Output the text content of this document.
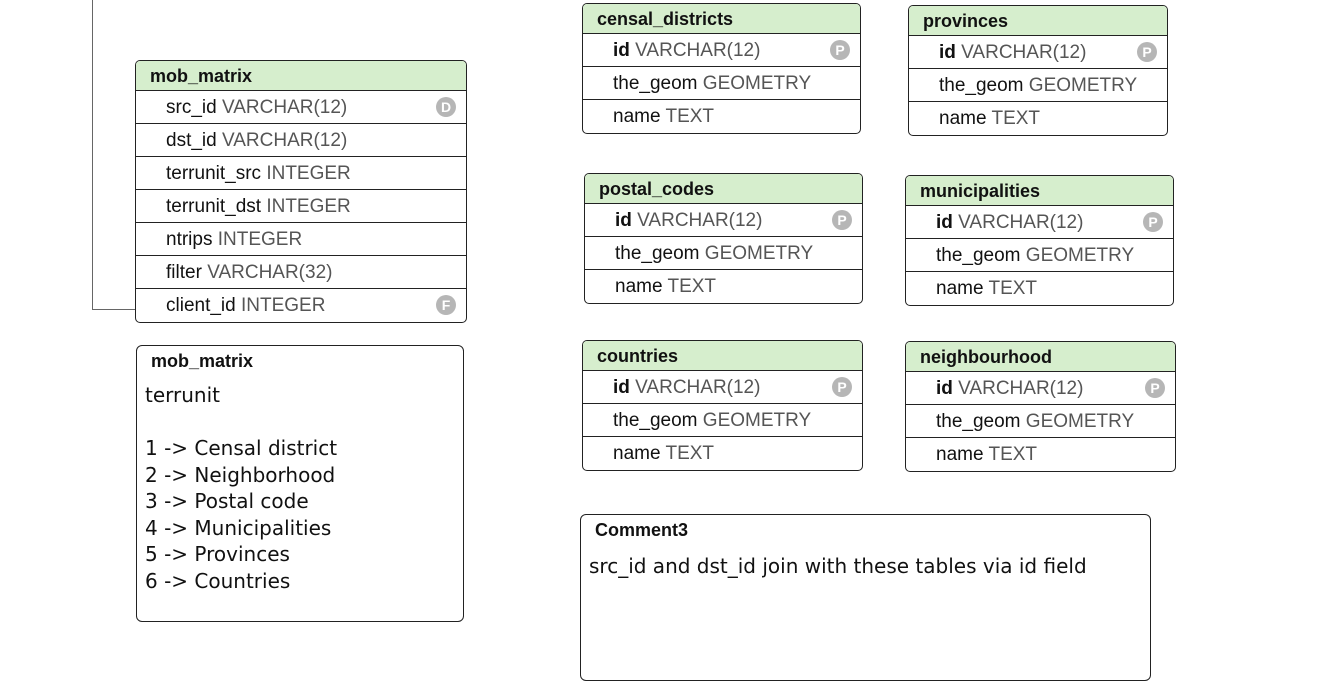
mob_matrix
src_id VARCHAR(12)	D
dst_id VARCHAR(12)
terrunit_src INTEGER
terrunit_dst INTEGER
ntrips INTEGER
filter VARCHAR(32)
client_id INTEGER	F
censal_districts
id VARCHAR(12)	P
the_geom GEOMETRY
name TEXT
provinces
id VARCHAR(12)	P
the_geom GEOMETRY
name TEXT
postal_codes
id VARCHAR(12)	P
the_geom GEOMETRY
name TEXT
municipalities
id VARCHAR(12)	P
the_geom GEOMETRY
name TEXT
countries
id VARCHAR(12)	P
the_geom GEOMETRY
name TEXT
neighbourhood
id VARCHAR(12)	P
the_geom GEOMETRY
name TEXT
mob_matrix
terrunit

1 -> Censal district
2 -> Neighborhood
3 -> Postal code
4 -> Municipalities
5 -> Provinces
6 -> Countries
Comment3
src_id and dst_id join with these tables via id field
